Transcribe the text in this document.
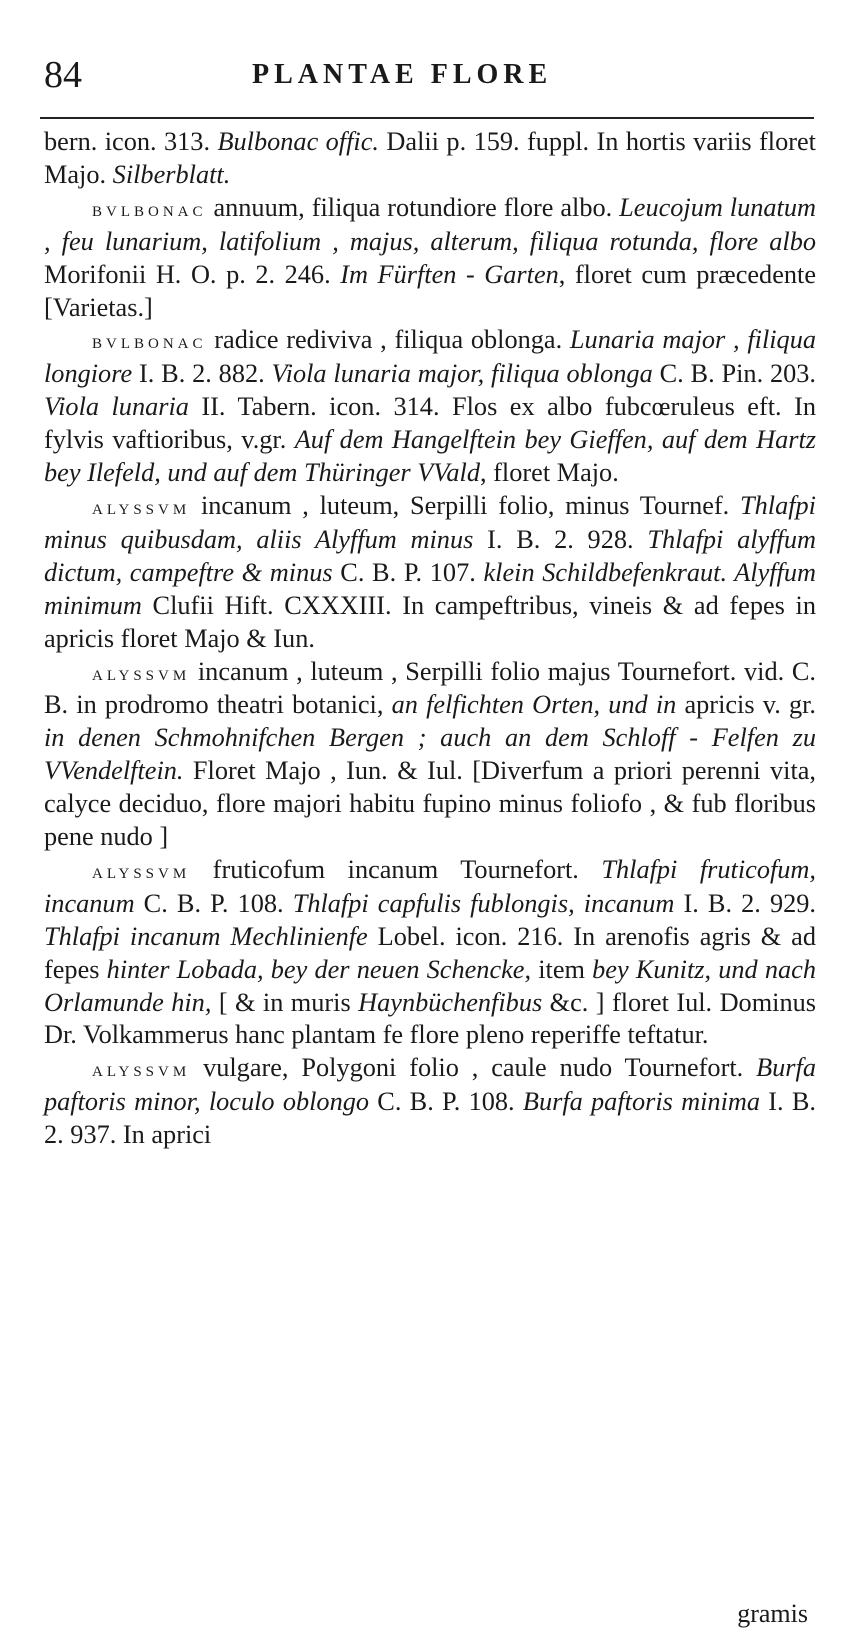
84	PLANTAE FLORE

bern. icon. 313. Bulbonac offic. Dalii p. 159. fuppl. In hortis variis floret Majo. Silberblatt.

bvlbonac annuum, filiqua rotundiore flore albo. Leucojum lunatum , feu lunarium, latifolium , majus, alterum, filiqua rotunda, flore albo Morifonii H. O. p. 2. 246. Im Fürften - Garten, floret cum præcedente [Varietas.]

bvlbonac radice rediviva , filiqua oblonga. Lunaria major , filiqua longiore I. B. 2. 882. Viola lunaria major, filiqua oblonga C. B. Pin. 203. Viola lunaria II. Tabern. icon. 314. Flos ex albo fubcœruleus eft. In fylvis vaftioribus, v.gr. Auf dem Hangelftein bey Gieffen, auf dem Hartz bey Ilefeld, und auf dem Thüringer VVald, floret Majo.

alyssvm incanum , luteum, Serpilli folio, minus Tournef. Thlafpi minus quibusdam, aliis Alyffum minus I. B. 2. 928. Thlafpi alyffum dictum, campeftre & minus C. B. P. 107. klein Schildbefenkraut. Alyffum minimum Clufii Hift. CXXXIII. In campeftribus, vineis & ad fepes in apricis floret Majo & Iun.

alyssvm incanum , luteum , Serpilli folio majus Tournefort. vid. C. B. in prodromo theatri botanici, an felfichten Orten, und in apricis v. gr. in denen Schmohnifchen Bergen ; auch an dem Schloff - Felfen zu VVendelftein. Floret Majo , Iun. & Iul. [Diverfum a priori perenni vita, calyce deciduo, flore majori habitu fupino minus foliofo , & fub floribus pene nudo ]

alyssvm fruticofum incanum Tournefort. Thlafpi fruticofum, incanum C. B. P. 108. Thlafpi capfulis fublongis, incanum I. B. 2. 929. Thlafpi incanum Mechlinienfe Lobel. icon. 216. In arenofis agris & ad fepes hinter Lobada, bey der neuen Schencke, item bey Kunitz, und nach Orlamunde hin, [ & in muris Haynbüchenfibus &c. ] floret Iul. Dominus Dr. Volkammerus hanc plantam fe flore pleno reperiffe teftatur.

alyssvm vulgare, Polygoni folio , caule nudo Tournefort. Burfa paftoris minor, loculo oblongo C. B. P. 108. Burfa paftoris minima I. B. 2. 937. In aprici

gramis
